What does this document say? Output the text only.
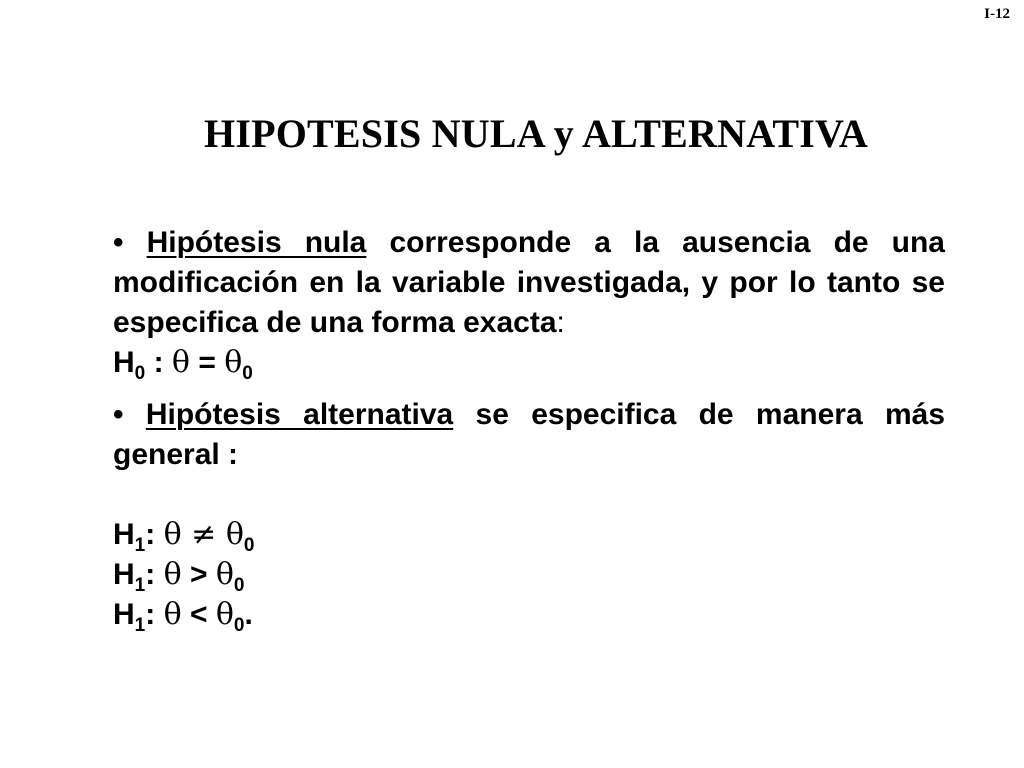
I-12
HIPOTESIS NULA y ALTERNATIVA

• Hipótesis nula corresponde a la ausencia de una modificación en la variable investigada, y por lo tanto se especifica de una forma exacta:

$H_0$ : $\theta = \theta_0$

• Hipótesis alternativa se especifica de manera más general :

$H_1$: $\theta \ne \theta_0$

$H_1$: $\theta > \theta_0$

$H_1$: $\theta < \theta_0$.
